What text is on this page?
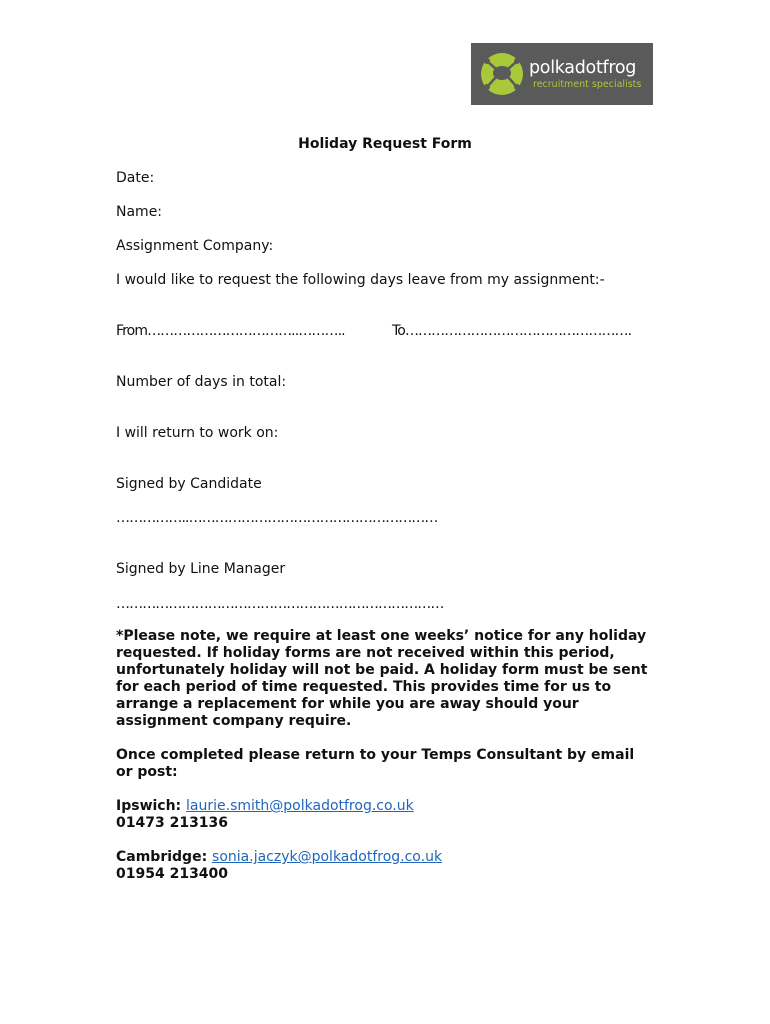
polkadotfrog
recruitment specialists
Holiday Request Form
Date:
Name:
Assignment Company:
I would like to request the following days leave from my assignment:-
From……………………………..………..	To…………………………………………….
Number of days in total:
I will return to work on:
Signed by Candidate
……………..…………………………………………………
Signed by Line Manager
…………………………………………………………………
*Please note, we require at least one weeks’ notice for any holiday requested. If holiday forms are not received within this period, unfortunately holiday will not be paid. A holiday form must be sent for each period of time requested. This provides time for us to arrange a replacement for while you are away should your assignment company require.
Once completed please return to your Temps Consultant by email or post:
Ipswich: laurie.smith@polkadotfrog.co.uk
01473 213136
Cambridge: sonia.jaczyk@polkadotfrog.co.uk
01954 213400
